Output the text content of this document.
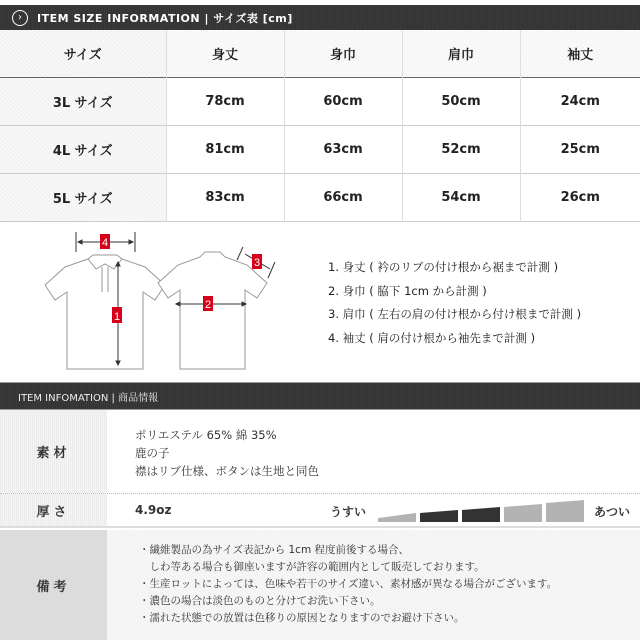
›	ITEM SIZE INFORMATION | サイズ表 [cm]
サイズ	身丈	身巾	肩巾	袖丈
3L サイズ	78cm	60cm	50cm	24cm
4L サイズ	81cm	63cm	52cm	25cm
5L サイズ	83cm	66cm	54cm	26cm
4
1
2
3	1. 身丈 ( 衿のリブの付け根から裾まで計測 )
2. 身巾 ( 脇下 1cm から計測 )
3. 肩巾 ( 左右の肩の付け根から付け根まで計測 )
4. 袖丈 ( 肩の付け根から袖先まで計測 )
ITEM INFOMATION | 商品情報
素材
ポリエステル 65% 綿 35%
鹿の子
襟はリブ仕様、ボタンは生地と同色
厚さ	4.9oz	うすい	あつい
備考
・繊維製品の為サイズ表記から 1cm 程度前後する場合、
　しわ等ある場合も御座いますが許容の範囲内として販売しております。
・生産ロットによっては、色味や若干のサイズ違い、素材感が異なる場合がございます。
・濃色の場合は淡色のものと分けてお洗い下さい。
・濡れた状態での放置は色移りの原因となりますのでお避け下さい。
